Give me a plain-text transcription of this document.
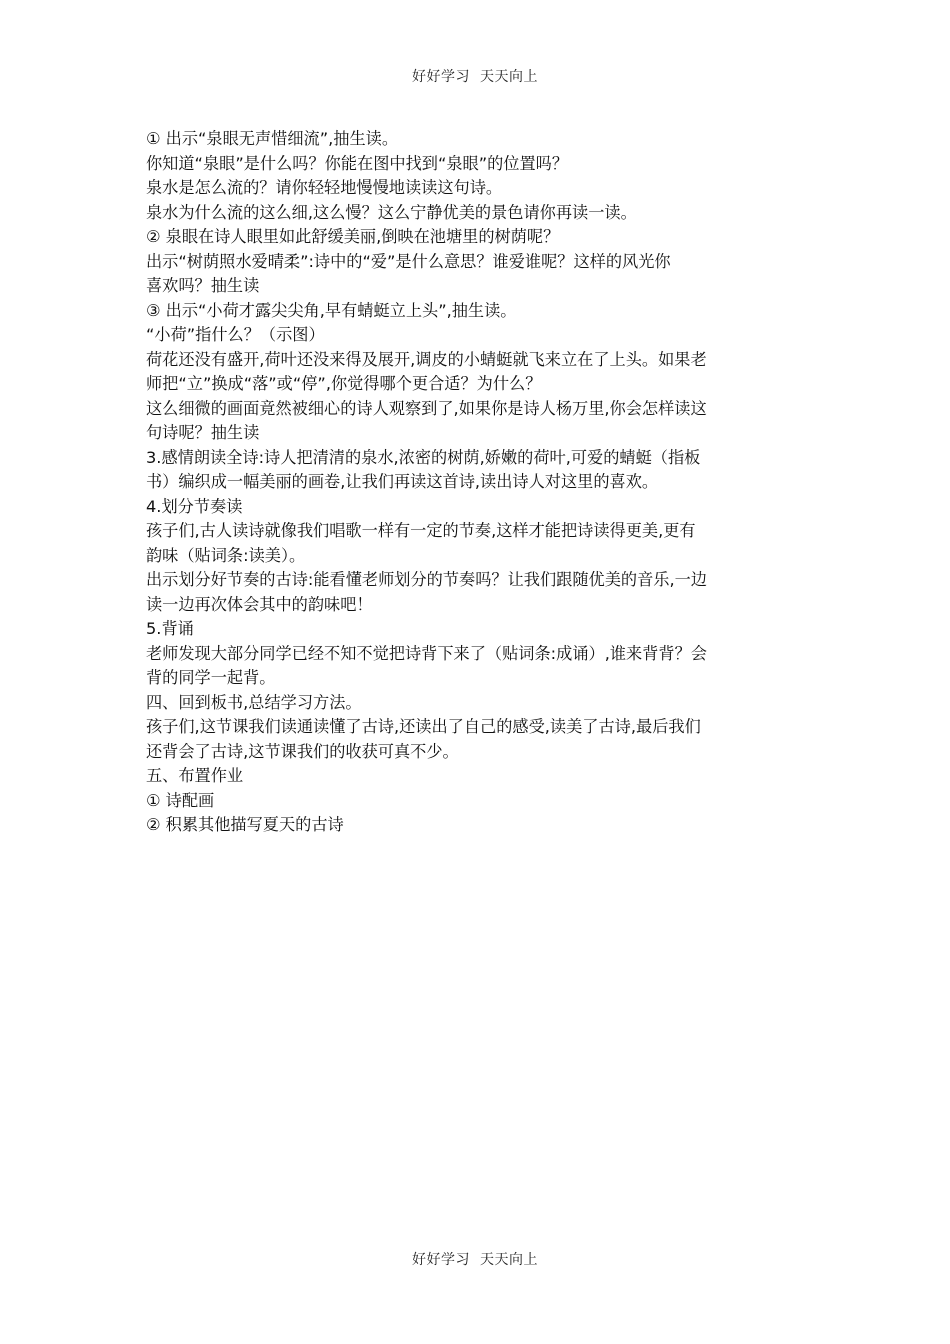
好好学习  天天向上
① 出示“泉眼无声惜细流”,抽生读。
你知道“泉眼”是什么吗？你能在图中找到“泉眼”的位置吗？
泉水是怎么流的？请你轻轻地慢慢地读读这句诗。
泉水为什么流的这么细,这么慢？这么宁静优美的景色请你再读一读。
② 泉眼在诗人眼里如此舒缓美丽,倒映在池塘里的树荫呢？
出示“树荫照水爱晴柔”:诗中的“爱”是什么意思？谁爱谁呢？这样的风光你
喜欢吗？抽生读
③ 出示“小荷才露尖尖角,早有蜻蜓立上头”,抽生读。
“小荷”指什么？（示图）
荷花还没有盛开,荷叶还没来得及展开,调皮的小蜻蜓就飞来立在了上头。如果老
师把“立”换成“落”或“停”,你觉得哪个更合适？为什么？
这么细微的画面竟然被细心的诗人观察到了,如果你是诗人杨万里,你会怎样读这
句诗呢？抽生读
3.感情朗读全诗:诗人把清清的泉水,浓密的树荫,娇嫩的荷叶,可爱的蜻蜓（指板
书）编织成一幅美丽的画卷,让我们再读这首诗,读出诗人对这里的喜欢。
4.划分节奏读
孩子们,古人读诗就像我们唱歌一样有一定的节奏,这样才能把诗读得更美,更有
韵味（贴词条:读美）。
出示划分好节奏的古诗:能看懂老师划分的节奏吗？让我们跟随优美的音乐,一边
读一边再次体会其中的韵味吧！
5.背诵
老师发现大部分同学已经不知不觉把诗背下来了（贴词条:成诵）,谁来背背？会
背的同学一起背。
四、回到板书,总结学习方法。
孩子们,这节课我们读通读懂了古诗,还读出了自己的感受,读美了古诗,最后我们
还背会了古诗,这节课我们的收获可真不少。
五、布置作业
① 诗配画
② 积累其他描写夏天的古诗
好好学习  天天向上
